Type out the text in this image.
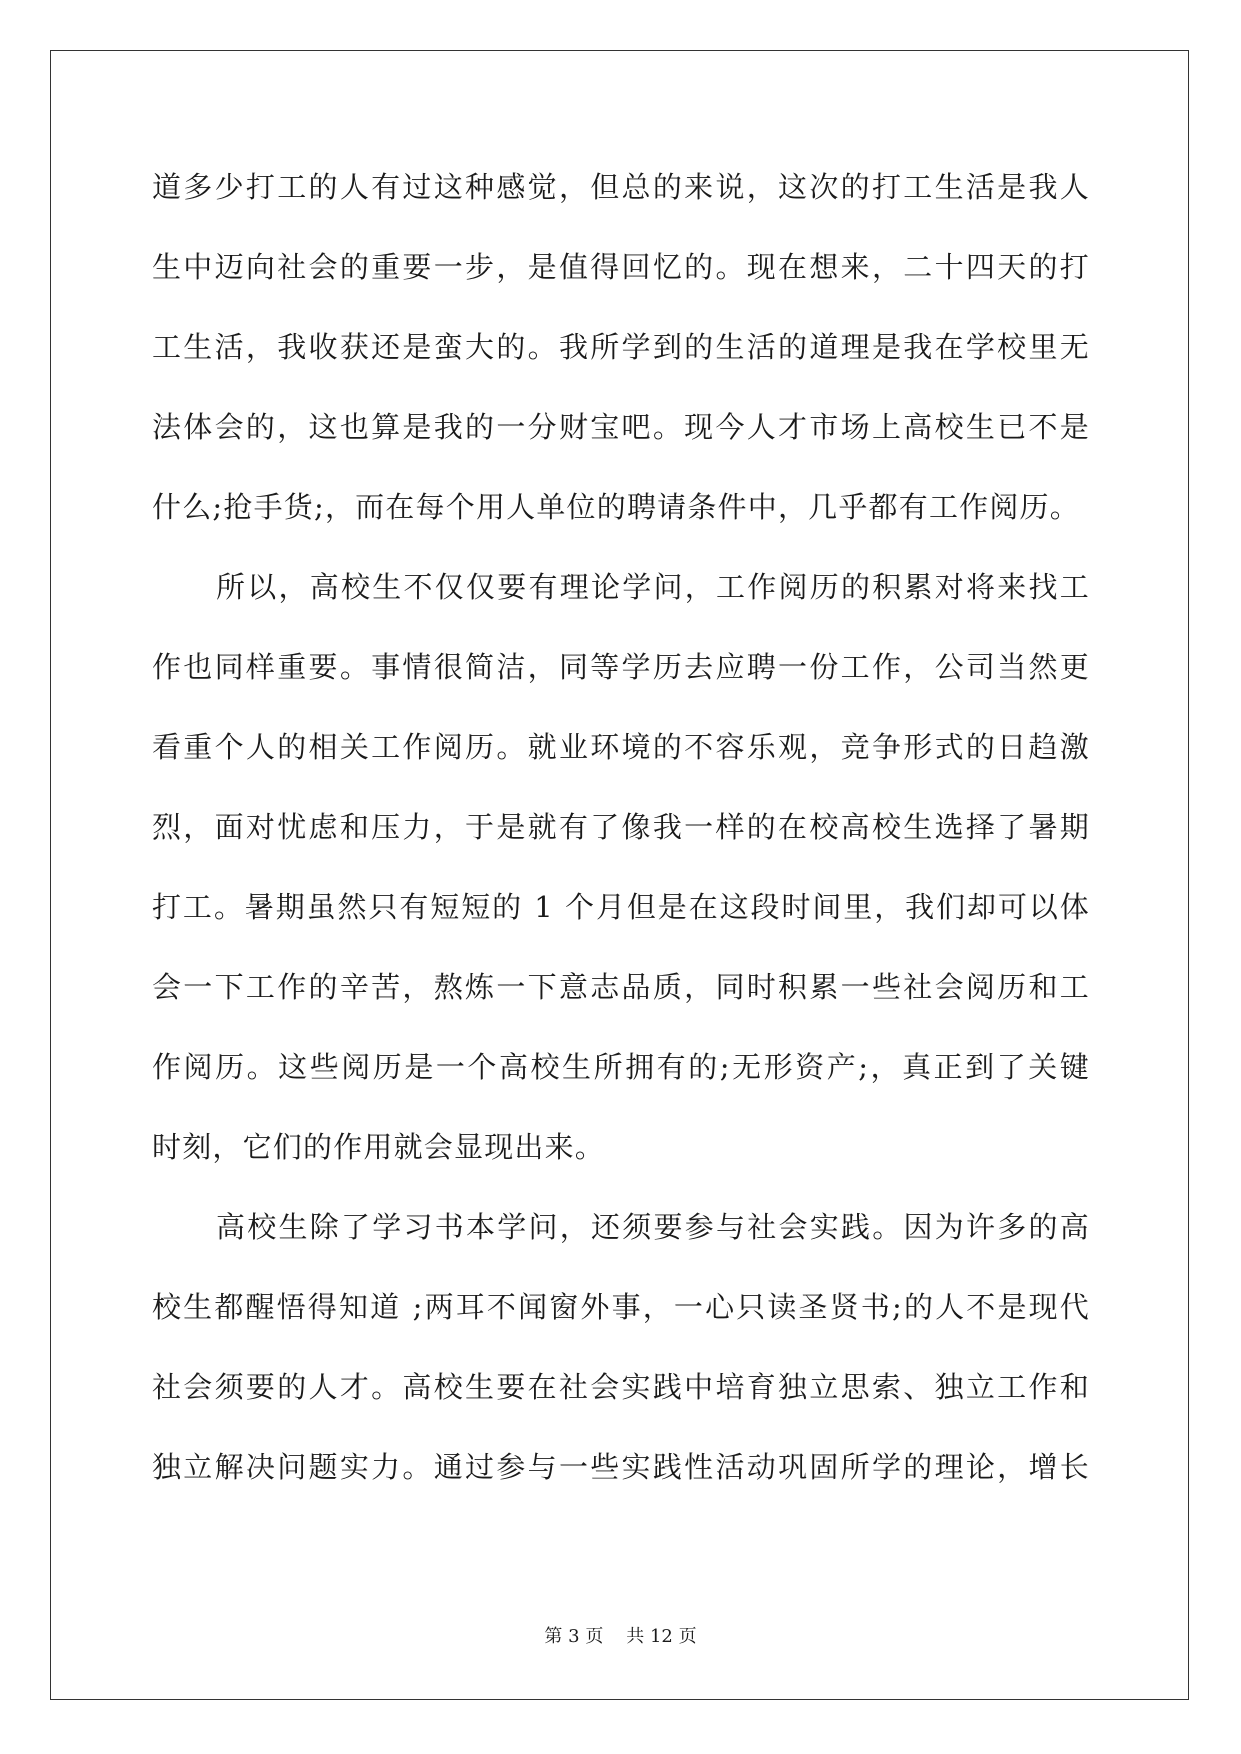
道多少打工的人有过这种感觉，但总的来说，这次的打工生活是我人
生中迈向社会的重要一步，是值得回忆的。现在想来，二十四天的打
工生活，我收获还是蛮大的。我所学到的生活的道理是我在学校里无
法体会的，这也算是我的一分财宝吧。现今人才市场上高校生已不是
什么;抢手货;，而在每个用人单位的聘请条件中，几乎都有工作阅历。
所以，高校生不仅仅要有理论学问，工作阅历的积累对将来找工
作也同样重要。事情很简洁，同等学历去应聘一份工作，公司当然更
看重个人的相关工作阅历。就业环境的不容乐观，竞争形式的日趋激
烈，面对忧虑和压力，于是就有了像我一样的在校高校生选择了暑期
打工。暑期虽然只有短短的 1 个月但是在这段时间里，我们却可以体
会一下工作的辛苦，熬炼一下意志品质，同时积累一些社会阅历和工
作阅历。这些阅历是一个高校生所拥有的;无形资产;，真正到了关键
时刻，它们的作用就会显现出来。
高校生除了学习书本学问，还须要参与社会实践。因为许多的高
校生都醒悟得知道 ;两耳不闻窗外事，一心只读圣贤书;的人不是现代
社会须要的人才。高校生要在社会实践中培育独立思索、独立工作和
独立解决问题实力。通过参与一些实践性活动巩固所学的理论，增长
第 3 页 共 12 页
